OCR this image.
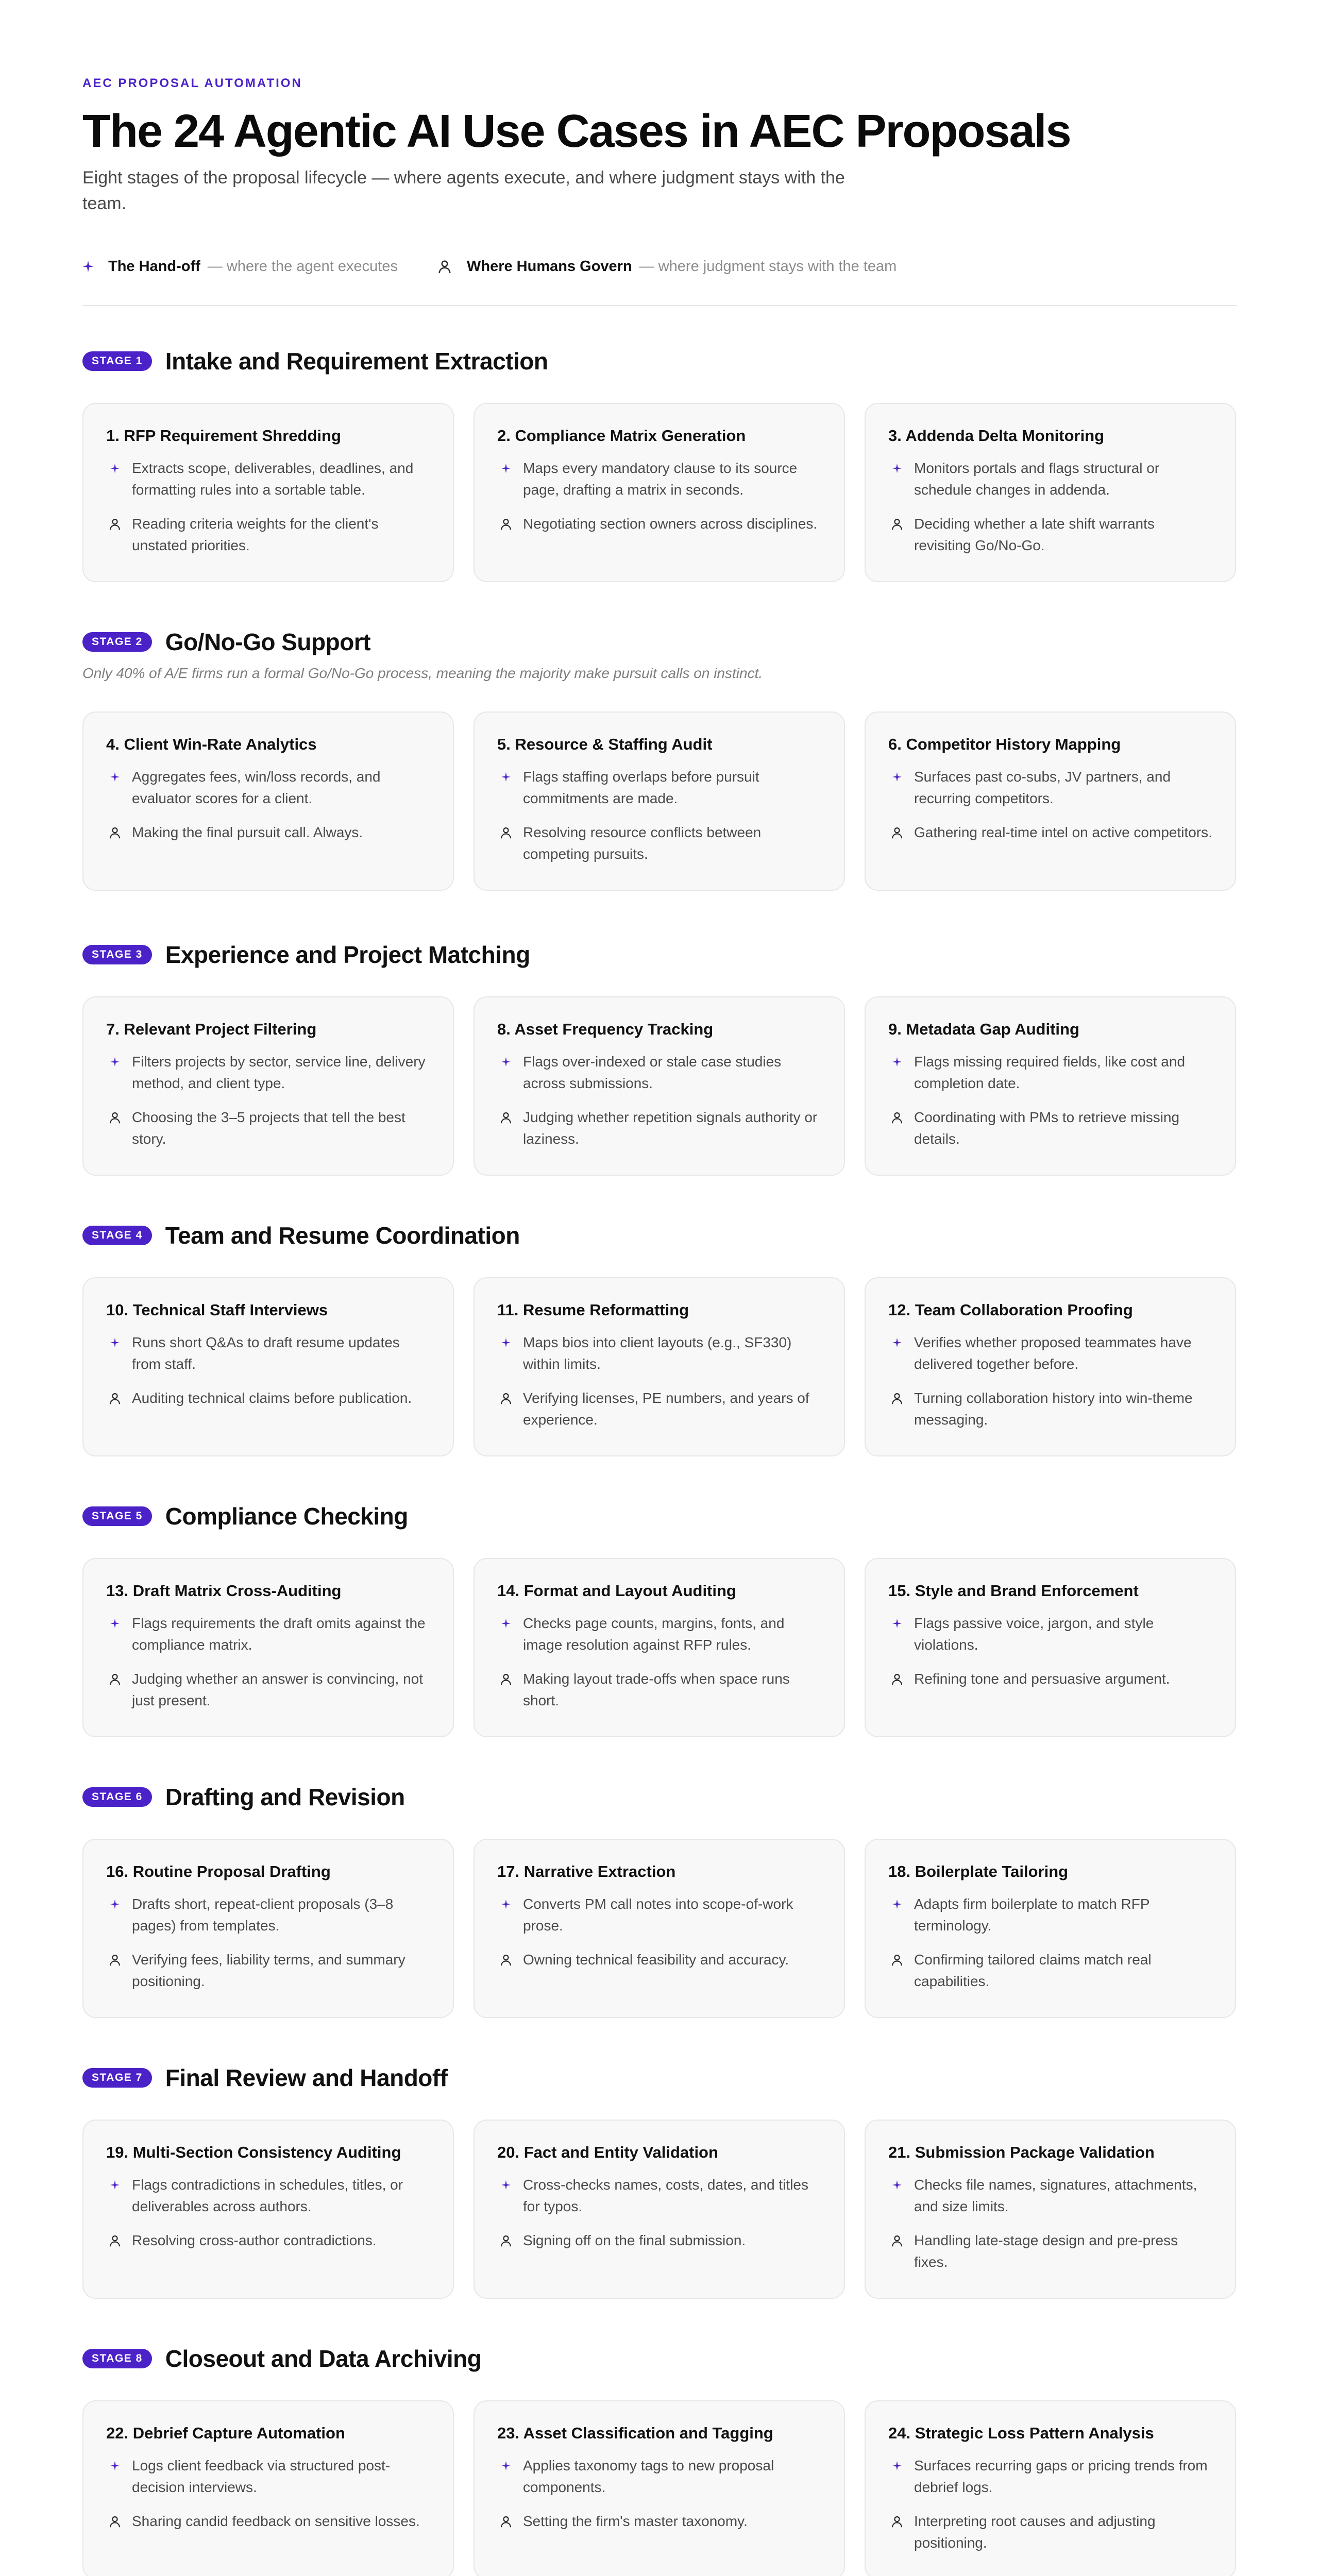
AEC PROPOSAL AUTOMATION
The 24 Agentic AI Use Cases in AEC Proposals

Eight stages of the proposal lifecycle — where agents execute, and where judgment stays with the team.

The Hand-off — where the agent executes	Where Humans Govern — where judgment stays with the team
STAGE 1 Intake and Requirement Extraction
1. RFP Requirement Shredding
Extracts scope, deliverables, deadlines, and formatting rules into a sortable table.
Reading criteria weights for the client's unstated priorities.
2. Compliance Matrix Generation
Maps every mandatory clause to its source page, drafting a matrix in seconds.
Negotiating section owners across disciplines.
3. Addenda Delta Monitoring
Monitors portals and flags structural or schedule changes in addenda.
Deciding whether a late shift warrants revisiting Go/No-Go.
STAGE 2 Go/No-Go Support
Only 40% of A/E firms run a formal Go/No-Go process, meaning the majority make pursuit calls on instinct.
4. Client Win-Rate Analytics
Aggregates fees, win/loss records, and evaluator scores for a client.
Making the final pursuit call. Always.
5. Resource & Staffing Audit
Flags staffing overlaps before pursuit commitments are made.
Resolving resource conflicts between competing pursuits.
6. Competitor History Mapping
Surfaces past co-subs, JV partners, and recurring competitors.
Gathering real-time intel on active competitors.
STAGE 3 Experience and Project Matching
7. Relevant Project Filtering
Filters projects by sector, service line, delivery method, and client type.
Choosing the 3–5 projects that tell the best story.
8. Asset Frequency Tracking
Flags over-indexed or stale case studies across submissions.
Judging whether repetition signals authority or laziness.
9. Metadata Gap Auditing
Flags missing required fields, like cost and completion date.
Coordinating with PMs to retrieve missing details.
STAGE 4 Team and Resume Coordination
10. Technical Staff Interviews
Runs short Q&As to draft resume updates from staff.
Auditing technical claims before publication.
11. Resume Reformatting
Maps bios into client layouts (e.g., SF330) within limits.
Verifying licenses, PE numbers, and years of experience.
12. Team Collaboration Proofing
Verifies whether proposed teammates have delivered together before.
Turning collaboration history into win-theme messaging.
STAGE 5 Compliance Checking
13. Draft Matrix Cross-Auditing
Flags requirements the draft omits against the compliance matrix.
Judging whether an answer is convincing, not just present.
14. Format and Layout Auditing
Checks page counts, margins, fonts, and image resolution against RFP rules.
Making layout trade-offs when space runs short.
15. Style and Brand Enforcement
Flags passive voice, jargon, and style violations.
Refining tone and persuasive argument.
STAGE 6 Drafting and Revision
16. Routine Proposal Drafting
Drafts short, repeat-client proposals (3–8 pages) from templates.
Verifying fees, liability terms, and summary positioning.
17. Narrative Extraction
Converts PM call notes into scope-of-work prose.
Owning technical feasibility and accuracy.
18. Boilerplate Tailoring
Adapts firm boilerplate to match RFP terminology.
Confirming tailored claims match real capabilities.
STAGE 7 Final Review and Handoff
19. Multi-Section Consistency Auditing
Flags contradictions in schedules, titles, or deliverables across authors.
Resolving cross-author contradictions.
20. Fact and Entity Validation
Cross-checks names, costs, dates, and titles for typos.
Signing off on the final submission.
21. Submission Package Validation
Checks file names, signatures, attachments, and size limits.
Handling late-stage design and pre-press fixes.
STAGE 8 Closeout and Data Archiving
22. Debrief Capture Automation
Logs client feedback via structured post-decision interviews.
Sharing candid feedback on sensitive losses.
23. Asset Classification and Tagging
Applies taxonomy tags to new proposal components.
Setting the firm's master taxonomy.
24. Strategic Loss Pattern Analysis
Surfaces recurring gaps or pricing trends from debrief logs.
Interpreting root causes and adjusting positioning.
